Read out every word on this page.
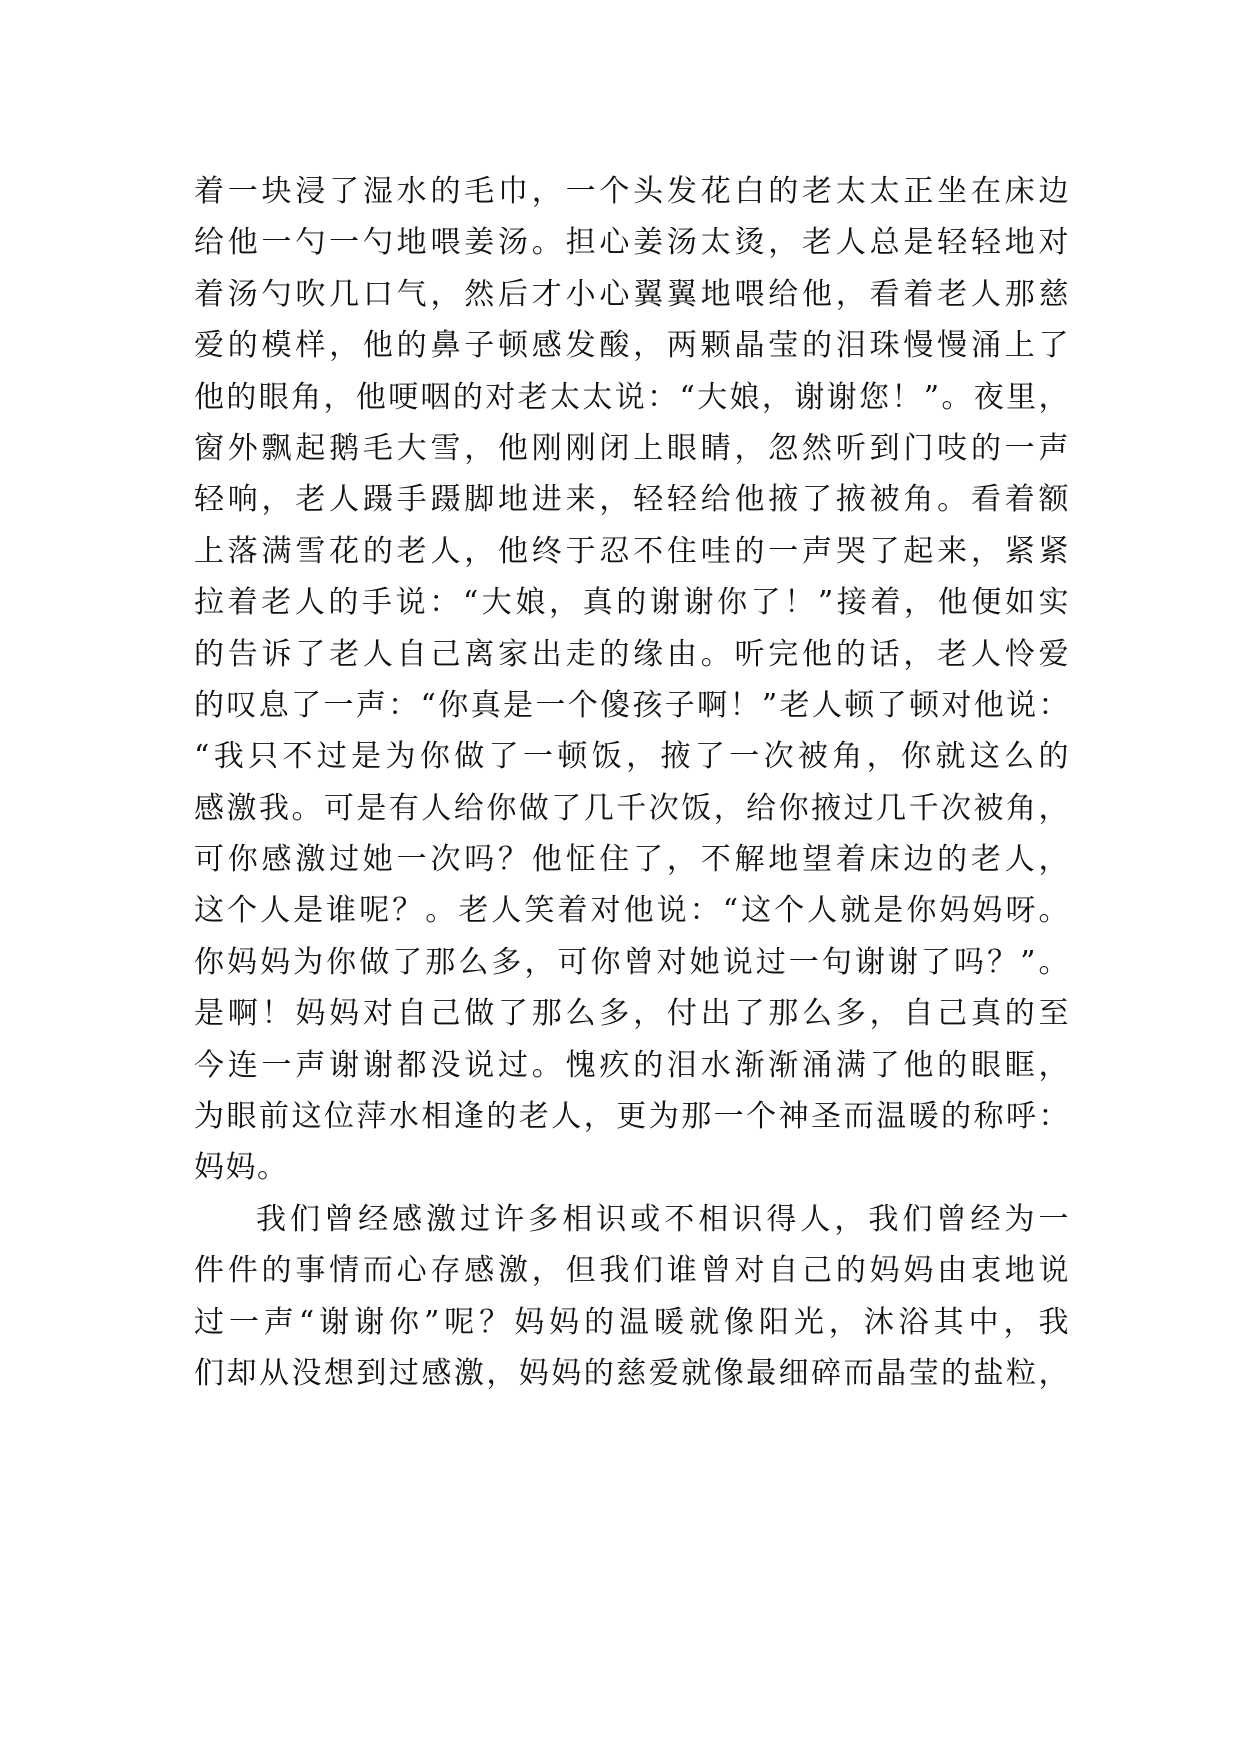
着一块浸了湿水的毛巾，一个头发花白的老太太正坐在床边
给他一勺一勺地喂姜汤。担心姜汤太烫，老人总是轻轻地对
着汤勺吹几口气，然后才小心翼翼地喂给他，看着老人那慈
爱的模样，他的鼻子顿感发酸，两颗晶莹的泪珠慢慢涌上了
他的眼角，他哽咽的对老太太说：“大娘，谢谢您！”。夜里，
窗外飘起鹅毛大雪，他刚刚闭上眼睛，忽然听到门吱的一声
轻响，老人蹑手蹑脚地进来，轻轻给他掖了掖被角。看着额
上落满雪花的老人，他终于忍不住哇的一声哭了起来，紧紧
拉着老人的手说：“大娘，真的谢谢你了！”接着，他便如实
的告诉了老人自己离家出走的缘由。听完他的话，老人怜爱
的叹息了一声：“你真是一个傻孩子啊！”老人顿了顿对他说：
“我只不过是为你做了一顿饭，掖了一次被角，你就这么的
感激我。可是有人给你做了几千次饭，给你掖过几千次被角，
可你感激过她一次吗？他怔住了，不解地望着床边的老人，
这个人是谁呢？。老人笑着对他说：“这个人就是你妈妈呀。
你妈妈为你做了那么多，可你曾对她说过一句谢谢了吗？”。
是啊！妈妈对自己做了那么多，付出了那么多，自己真的至
今连一声谢谢都没说过。愧疚的泪水渐渐涌满了他的眼眶，
为眼前这位萍水相逢的老人，更为那一个神圣而温暖的称呼：
妈妈。
我们曾经感激过许多相识或不相识得人，我们曾经为一
件件的事情而心存感激，但我们谁曾对自己的妈妈由衷地说
过一声“谢谢你”呢？妈妈的温暖就像阳光，沐浴其中，我
们却从没想到过感激，妈妈的慈爱就像最细碎而晶莹的盐粒，
